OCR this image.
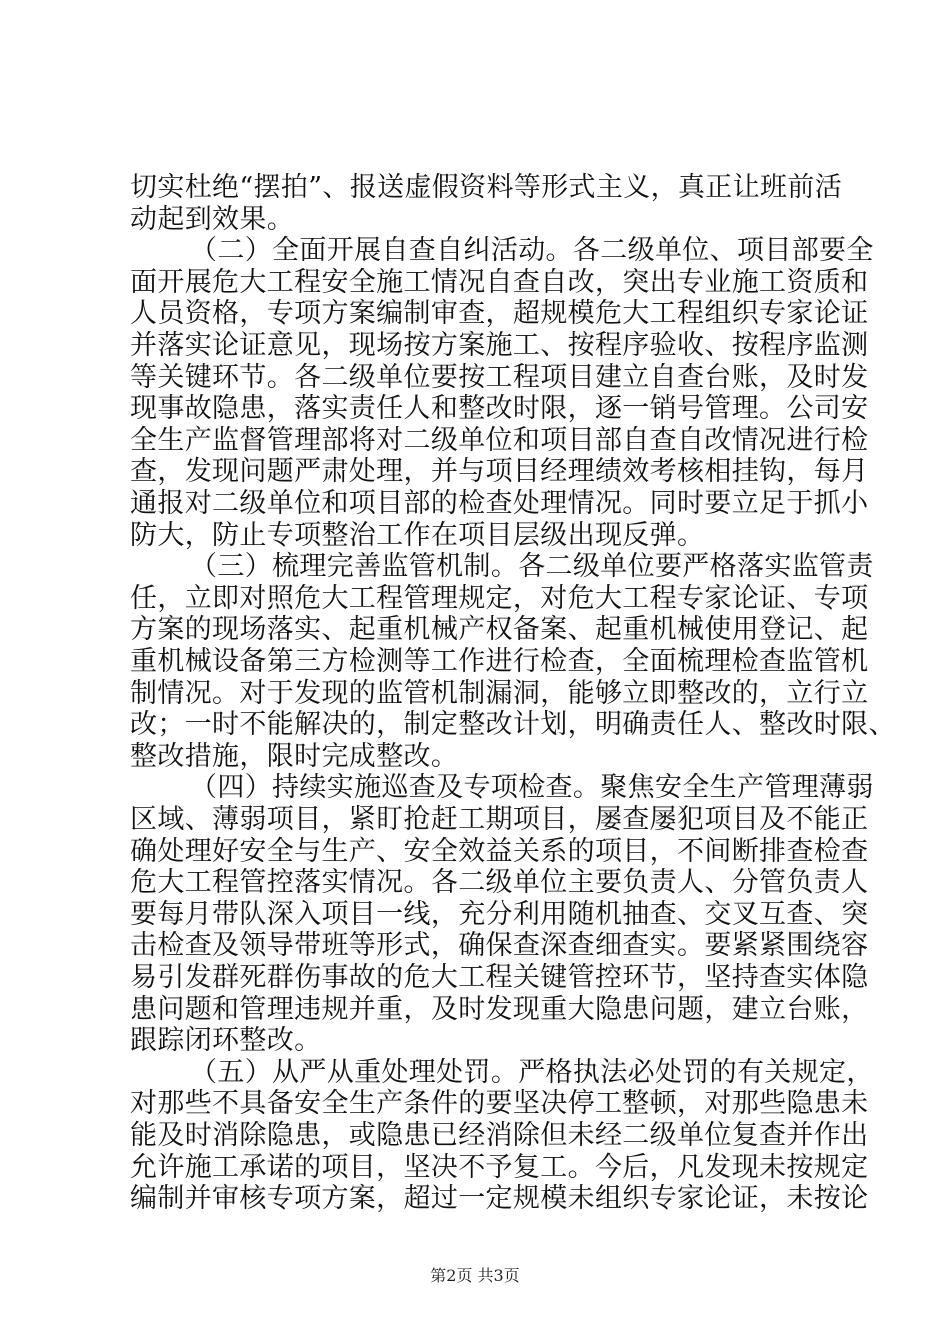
切实杜绝“摆拍”、报送虚假资料等形式主义，真正让班前活
动起到效果。
（二）全面开展自查自纠活动。各二级单位、项目部要全
面开展危大工程安全施工情况自查自改，突出专业施工资质和
人员资格，专项方案编制审查，超规模危大工程组织专家论证
并落实论证意见，现场按方案施工、按程序验收、按程序监测
等关键环节。各二级单位要按工程项目建立自查台账，及时发
现事故隐患，落实责任人和整改时限，逐一销号管理。公司安
全生产监督管理部将对二级单位和项目部自查自改情况进行检
查，发现问题严肃处理，并与项目经理绩效考核相挂钩，每月
通报对二级单位和项目部的检查处理情况。同时要立足于抓小
防大，防止专项整治工作在项目层级出现反弹。
（三）梳理完善监管机制。各二级单位要严格落实监管责
任，立即对照危大工程管理规定，对危大工程专家论证、专项
方案的现场落实、起重机械产权备案、起重机械使用登记、起
重机械设备第三方检测等工作进行检查，全面梳理检查监管机
制情况。对于发现的监管机制漏洞，能够立即整改的，立行立
改；一时不能解决的，制定整改计划，明确责任人、整改时限、
整改措施，限时完成整改。
（四）持续实施巡查及专项检查。聚焦安全生产管理薄弱
区域、薄弱项目，紧盯抢赶工期项目，屡查屡犯项目及不能正
确处理好安全与生产、安全效益关系的项目，不间断排查检查
危大工程管控落实情况。各二级单位主要负责人、分管负责人
要每月带队深入项目一线，充分利用随机抽查、交叉互查、突
击检查及领导带班等形式，确保查深查细查实。要紧紧围绕容
易引发群死群伤事故的危大工程关键管控环节，坚持查实体隐
患问题和管理违规并重，及时发现重大隐患问题，建立台账，
跟踪闭环整改。
（五）从严从重处理处罚。严格执法必处罚的有关规定，
对那些不具备安全生产条件的要坚决停工整顿，对那些隐患未
能及时消除隐患，或隐患已经消除但未经二级单位复查并作出
允许施工承诺的项目，坚决不予复工。今后，凡发现未按规定
第2页 共3页
编制并审核专项方案，超过一定规模未组织专家论证，未按论
